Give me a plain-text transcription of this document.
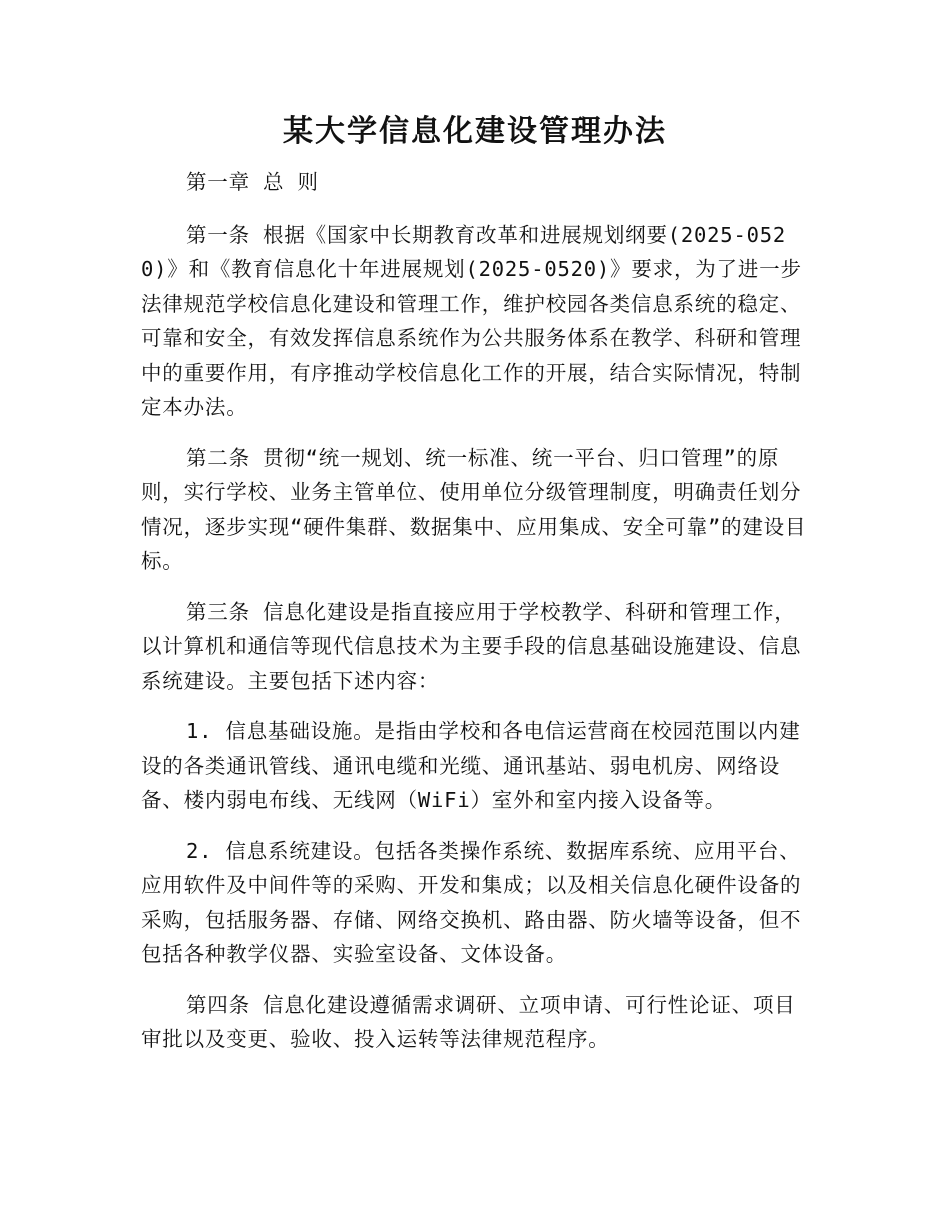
某大学信息化建设管理办法

第一章 总 则

第一条 根据《国家中长期教育改革和进展规划纲要(2025-0520)》和《教育信息化十年进展规划(2025-0520)》要求，为了进一步法律规范学校信息化建设和管理工作，维护校园各类信息系统的稳定、可靠和安全，有效发挥信息系统作为公共服务体系在教学、科研和管理中的重要作用，有序推动学校信息化工作的开展，结合实际情况，特制定本办法。

第二条 贯彻“统一规划、统一标准、统一平台、归口管理”的原则，实行学校、业务主管单位、使用单位分级管理制度，明确责任划分情况，逐步实现“硬件集群、数据集中、应用集成、安全可靠”的建设目标。

第三条 信息化建设是指直接应用于学校教学、科研和管理工作，以计算机和通信等现代信息技术为主要手段的信息基础设施建设、信息系统建设。主要包括下述内容：

1. 信息基础设施。是指由学校和各电信运营商在校园范围以内建设的各类通讯管线、通讯电缆和光缆、通讯基站、弱电机房、网络设备、楼内弱电布线、无线网（WiFi）室外和室内接入设备等。

2. 信息系统建设。包括各类操作系统、数据库系统、应用平台、应用软件及中间件等的采购、开发和集成；以及相关信息化硬件设备的采购，包括服务器、存储、网络交换机、路由器、防火墙等设备，但不包括各种教学仪器、实验室设备、文体设备。

第四条 信息化建设遵循需求调研、立项申请、可行性论证、项目审批以及变更、验收、投入运转等法律规范程序。
